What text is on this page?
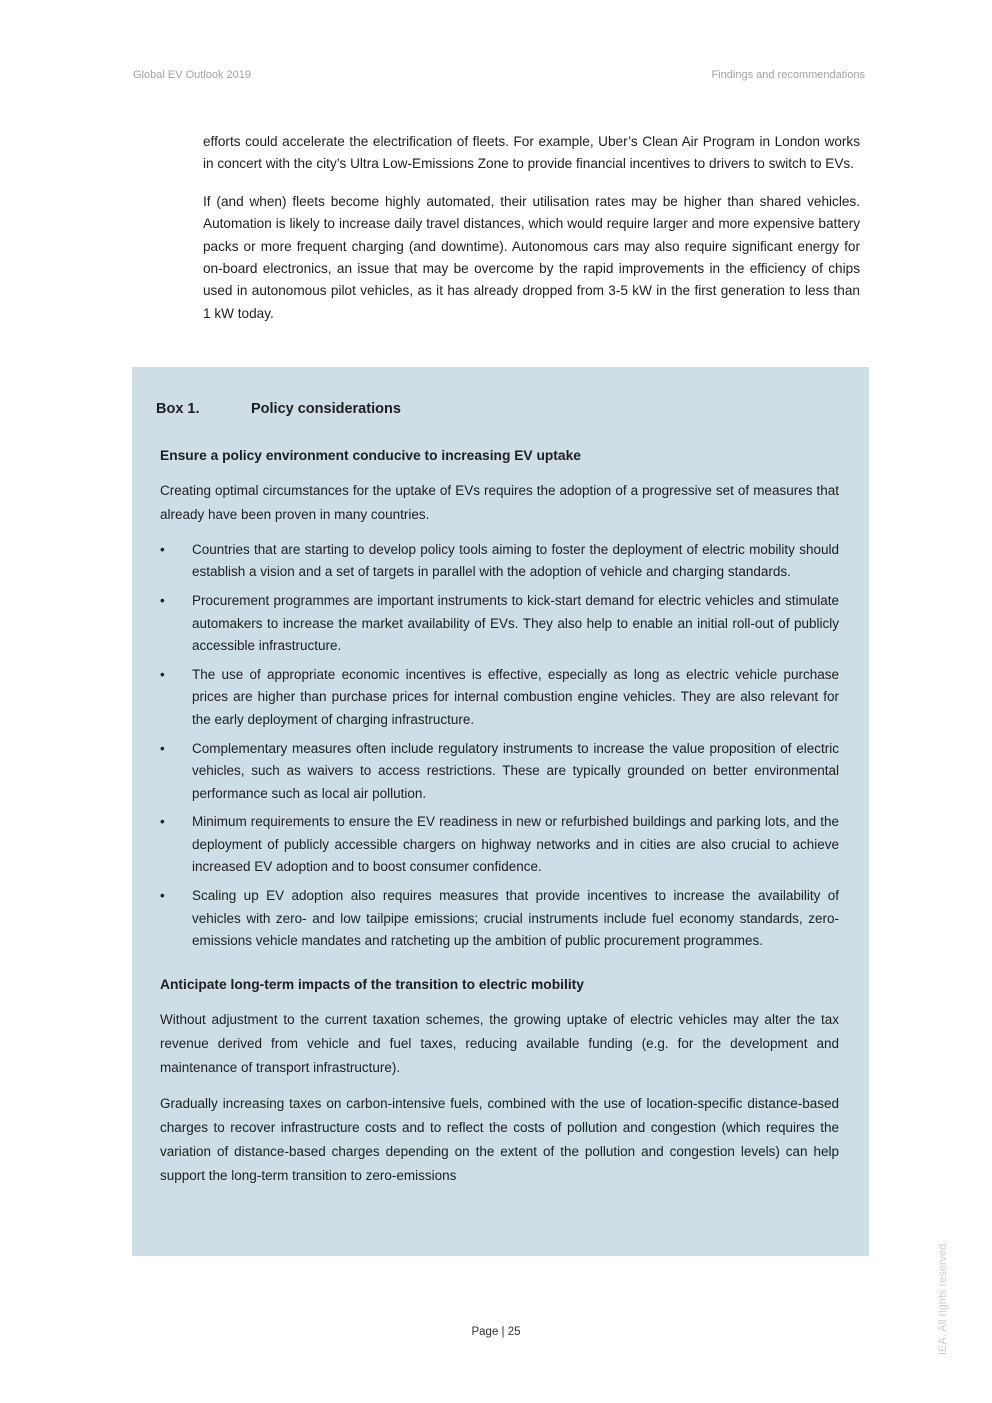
Global EV Outlook 2019	Findings and recommendations

efforts could accelerate the electrification of fleets. For example, Uber’s Clean Air Program in London works in concert with the city’s Ultra Low-Emissions Zone to provide financial incentives to drivers to switch to EVs.

If (and when) fleets become highly automated, their utilisation rates may be higher than shared vehicles. Automation is likely to increase daily travel distances, which would require larger and more expensive battery packs or more frequent charging (and downtime). Autonomous cars may also require significant energy for on-board electronics, an issue that may be overcome by the rapid improvements in the efficiency of chips used in autonomous pilot vehicles, as it has already dropped from 3-5 kW in the first generation to less than 1 kW today.

Box 1.	Policy considerations
Ensure a policy environment conducive to increasing EV uptake

Creating optimal circumstances for the uptake of EVs requires the adoption of a progressive set of measures that already have been proven in many countries.

• Countries that are starting to develop policy tools aiming to foster the deployment of electric mobility should establish a vision and a set of targets in parallel with the adoption of vehicle and charging standards.
• Procurement programmes are important instruments to kick-start demand for electric vehicles and stimulate automakers to increase the market availability of EVs. They also help to enable an initial roll-out of publicly accessible infrastructure.
• The use of appropriate economic incentives is effective, especially as long as electric vehicle purchase prices are higher than purchase prices for internal combustion engine vehicles. They are also relevant for the early deployment of charging infrastructure.
• Complementary measures often include regulatory instruments to increase the value proposition of electric vehicles, such as waivers to access restrictions. These are typically grounded on better environmental performance such as local air pollution.
• Minimum requirements to ensure the EV readiness in new or refurbished buildings and parking lots, and the deployment of publicly accessible chargers on highway networks and in cities are also crucial to achieve increased EV adoption and to boost consumer confidence.
• Scaling up EV adoption also requires measures that provide incentives to increase the availability of vehicles with zero- and low tailpipe emissions; crucial instruments include fuel economy standards, zero-emissions vehicle mandates and ratcheting up the ambition of public procurement programmes.
Anticipate long-term impacts of the transition to electric mobility

Without adjustment to the current taxation schemes, the growing uptake of electric vehicles may alter the tax revenue derived from vehicle and fuel taxes, reducing available funding (e.g. for the development and maintenance of transport infrastructure).

Gradually increasing taxes on carbon-intensive fuels, combined with the use of location-specific distance-based charges to recover infrastructure costs and to reflect the costs of pollution and congestion (which requires the variation of distance-based charges depending on the extent of the pollution and congestion levels) can help support the long-term transition to zero-emissions

Page | 25	IEA. All rights reserved.
